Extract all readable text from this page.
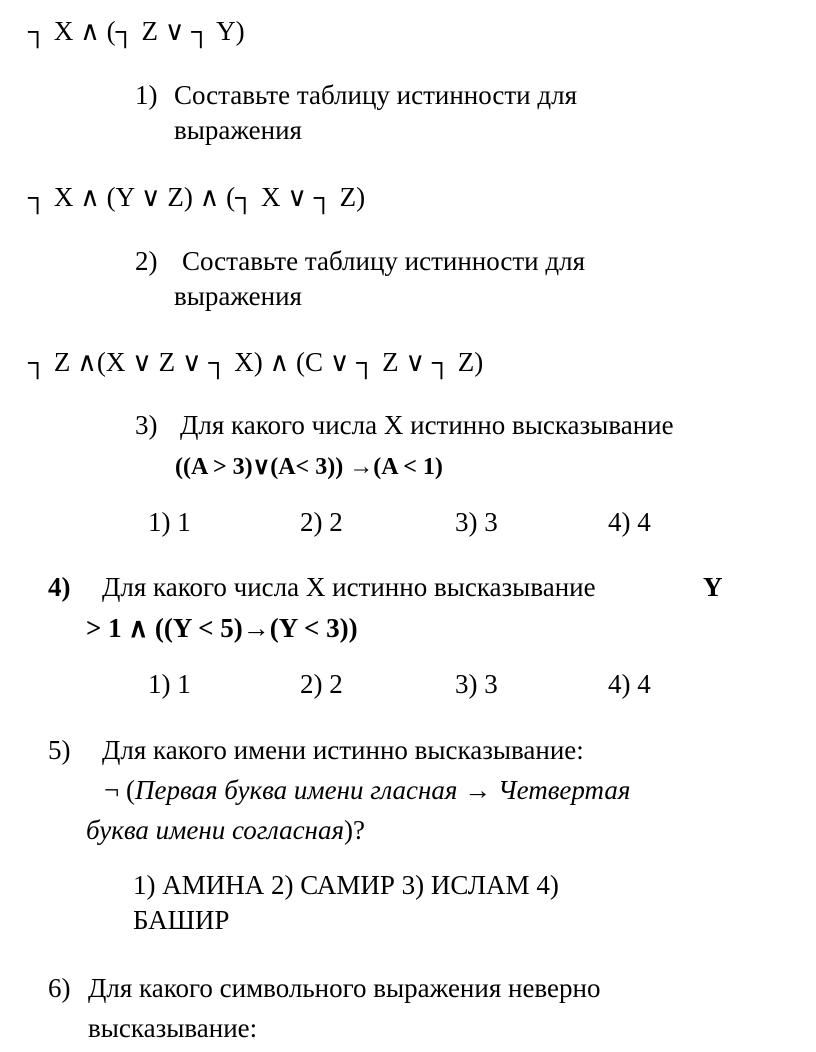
┐ X ∧ (┐ Z ∨ ┐ Y)
1) Составьте таблицу истинности для
выражения
┐ X ∧ (Y ∨ Z) ∧ (┐ X ∨ ┐ Z)
2) Составьте таблицу истинности для
выражения
┐ Z ∧(X ∨ Z ∨ ┐ X) ∧ (C ∨ ┐ Z ∨ ┐ Z)
3) Для какого числа X истинно высказывание
((A > 3)∨(A< 3)) →(A < 1)
1) 1	2) 2	3) 3	4) 4
4) Для какого числа X истинно высказывание	Y
> 1 ∧ ((Y < 5)→(Y < 3))
1) 1	2) 2	3) 3	4) 4
5) Для какого имени истинно высказывание:
¬ (Первая буква имени гласная → Четвертая
буква имени согласная)?
1) АМИНА 2) САМИР 3) ИСЛАМ 4)
БАШИР
6) Для какого символьного выражения неверно
высказывание:
